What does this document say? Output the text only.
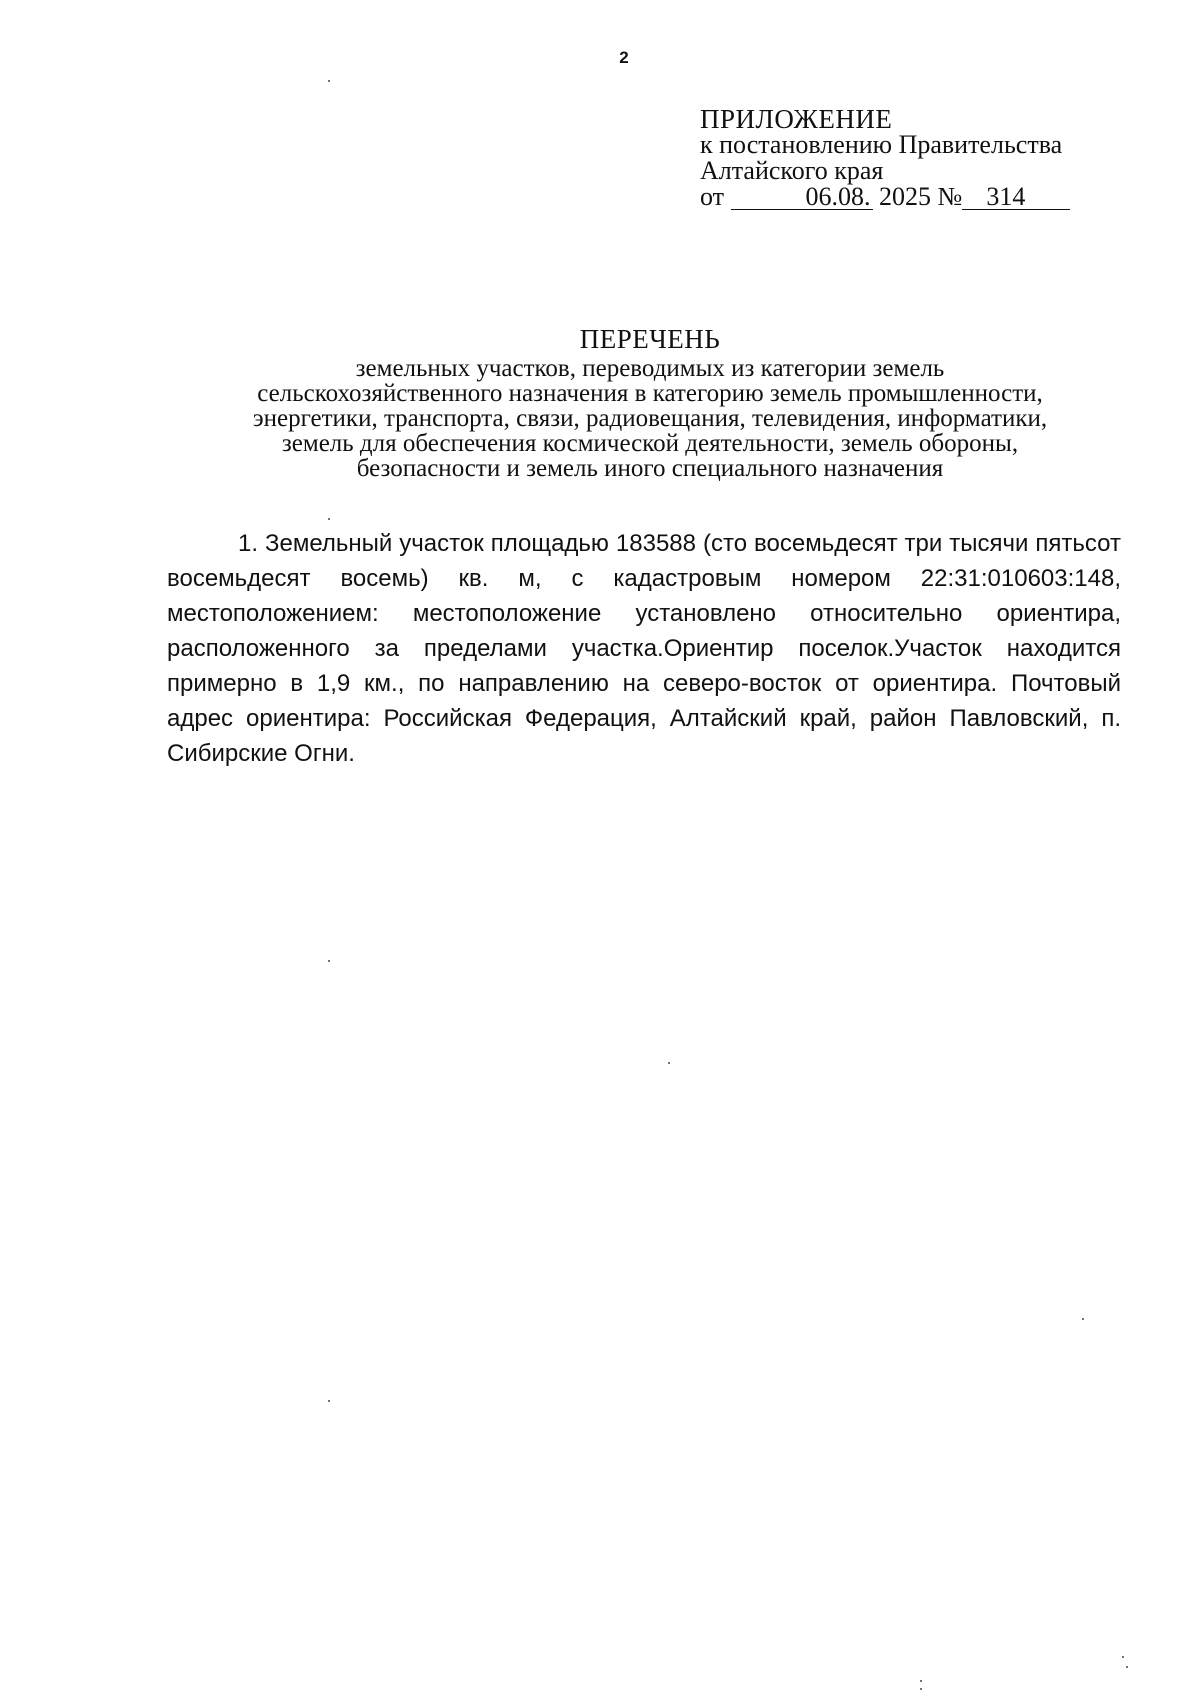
2
ПРИЛОЖЕНИЕ
к постановлению Правительства
Алтайского края
от	06.08. 2025 № 314
ПЕРЕЧЕНЬ
земельных участков, переводимых из категории земель
сельскохозяйственного назначения в категорию земель промышленности,
энергетики, транспорта, связи, радиовещания, телевидения, информатики,
земель для обеспечения космической деятельности, земель обороны,
безопасности и земель иного специального назначения

1. Земельный участок площадью 183588 (сто восемьдесят три тысячи пятьсот восемьдесят восемь) кв. м, с кадастровым номером 22:31:010603:148, местоположением: местоположение установлено относительно ориентира, расположенного за пределами участка.Ориентир поселок.Участок находится примерно в 1,9 км., по направлению на северо-восток от ориентира. Почтовый адрес ориентира: Российская Федерация, Алтайский край, район Павловский, п. Сибирские Огни.
